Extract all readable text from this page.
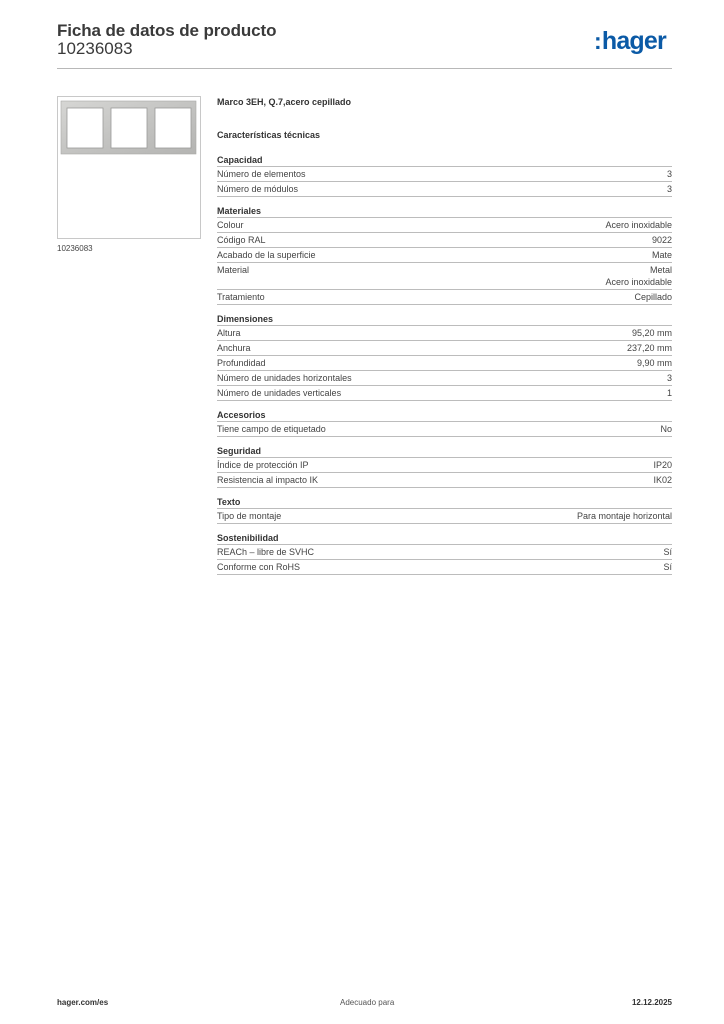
Ficha de datos de producto
10236083	:hager
10236083
Marco 3EH, Q.7,acero cepillado
Características técnicas
Capacidad
Número de elementos	3
Número de módulos	3
Materiales
Colour	Acero inoxidable
Código RAL	9022
Acabado de la superficie	Mate
Material	Metal
Acero inoxidable
Tratamiento	Cepillado
Dimensiones
Altura	95,20 mm
Anchura	237,20 mm
Profundidad	9,90 mm
Número de unidades horizontales	3
Número de unidades verticales	1
Accesorios
Tiene campo de etiquetado	No
Seguridad
Índice de protección IP	IP20
Resistencia al impacto IK	IK02
Texto
Tipo de montaje	Para montaje horizontal
Sostenibilidad
REACh – libre de SVHC	Sí
Conforme con RoHS	Sí
hager.com/es	Adecuado para	12.12.2025
